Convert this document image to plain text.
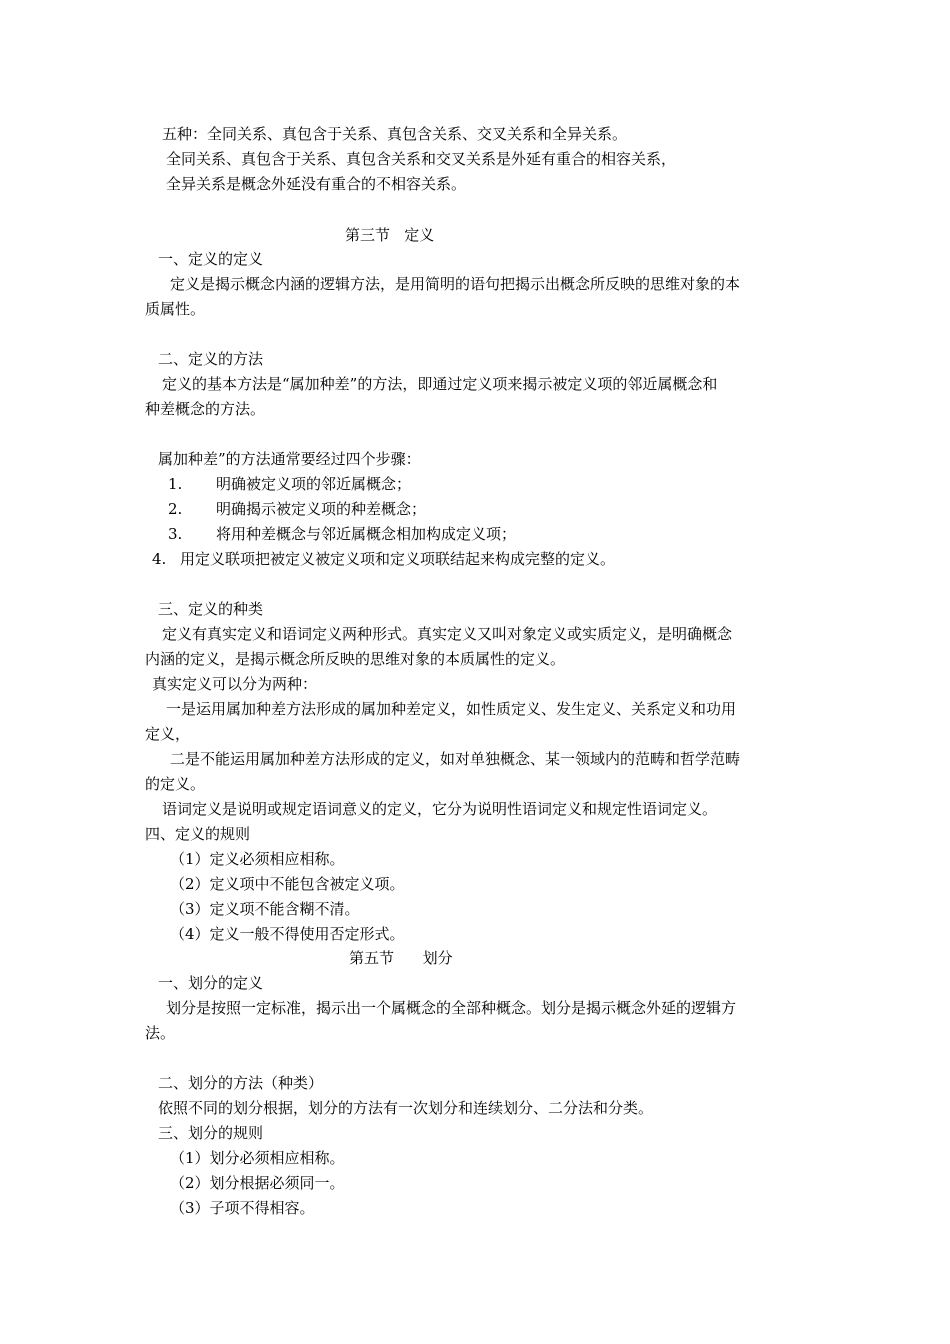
五种：全同关系、真包含于关系、真包含关系、交叉关系和全异关系。
全同关系、真包含于关系、真包含关系和交叉关系是外延有重合的相容关系，
全异关系是概念外延没有重合的不相容关系。
第三节   定义
一、定义的定义
定义是揭示概念内涵的逻辑方法，是用简明的语句把揭示出概念所反映的思维对象的本
质属性。
二、定义的方法
定义的基本方法是“属加种差”的方法，即通过定义项来揭示被定义项的邻近属概念和
种差概念的方法。
属加种差”的方法通常要经过四个步骤：
1. 明确被定义项的邻近属概念；
2. 明确揭示被定义项的种差概念；
3. 将用种差概念与邻近属概念相加构成定义项；
4. 用定义联项把被定义被定义项和定义项联结起来构成完整的定义。
三、定义的种类
定义有真实定义和语词定义两种形式。真实定义又叫对象定义或实质定义，是明确概念
内涵的定义，是揭示概念所反映的思维对象的本质属性的定义。
真实定义可以分为两种：
一是运用属加种差方法形成的属加种差定义，如性质定义、发生定义、关系定义和功用
定义，
二是不能运用属加种差方法形成的定义，如对单独概念、某一领域内的范畴和哲学范畴
的定义。
语词定义是说明或规定语词意义的定义，它分为说明性语词定义和规定性语词定义。
四、定义的规则
（1）定义必须相应相称。
（2）定义项中不能包含被定义项。
（3）定义项不能含糊不清。
（4）定义一般不得使用否定形式。
第五节      划分
一、划分的定义
划分是按照一定标准，揭示出一个属概念的全部种概念。划分是揭示概念外延的逻辑方
法。
二、划分的方法（种类）
依照不同的划分根据，划分的方法有一次划分和连续划分、二分法和分类。
三、划分的规则
（1）划分必须相应相称。
（2）划分根据必须同一。
（3）子项不得相容。
